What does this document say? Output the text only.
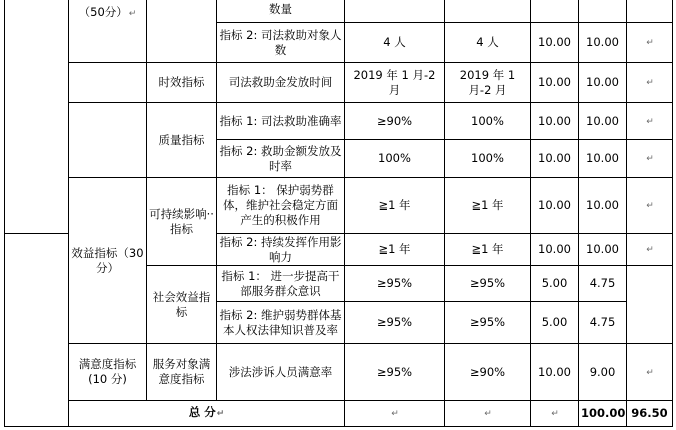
	（50分）↵		数量						
			指标 2: 司法救助对象人数	4 人	4 人	10.00	10.00	↵	
		时效指标	司法救助金发放时间	2019 年 1 月-2 月	2019 年 1 月-2 月	10.00	10.00	↵	
		质量指标	指标 1: 司法救助准确率	≥90%	100%	10.00	10.00	↵	
			指标 2: 救助金额发放及时率	100%	100%	10.00	10.00	↵	
	效益指标（30 分）	可持续影响··指标	指标 1： 保护弱势群体，维护社会稳定方面产生的积极作用	≧1 年	≧1 年	10.00	10.00	↵	
			指标 2: 持续发挥作用影响力	≧1 年	≧1 年	10.00	10.00	↵	
		社会效益指标	指标 1： 进一步提高干部服务群众意识	≥95%	≥95%	5.00	4.75		
			指标 2: 维护弱势群体基本人权法律知识普及率	≥95%	≥95%	5.00	4.75		
	满意度指标(10 分)	服务对象满意度指标	涉法涉诉人员满意率	≥95%	≥90%	10.00	9.00	↵	
	总 分↵			↵	↵	↵	100.00	96.50	
